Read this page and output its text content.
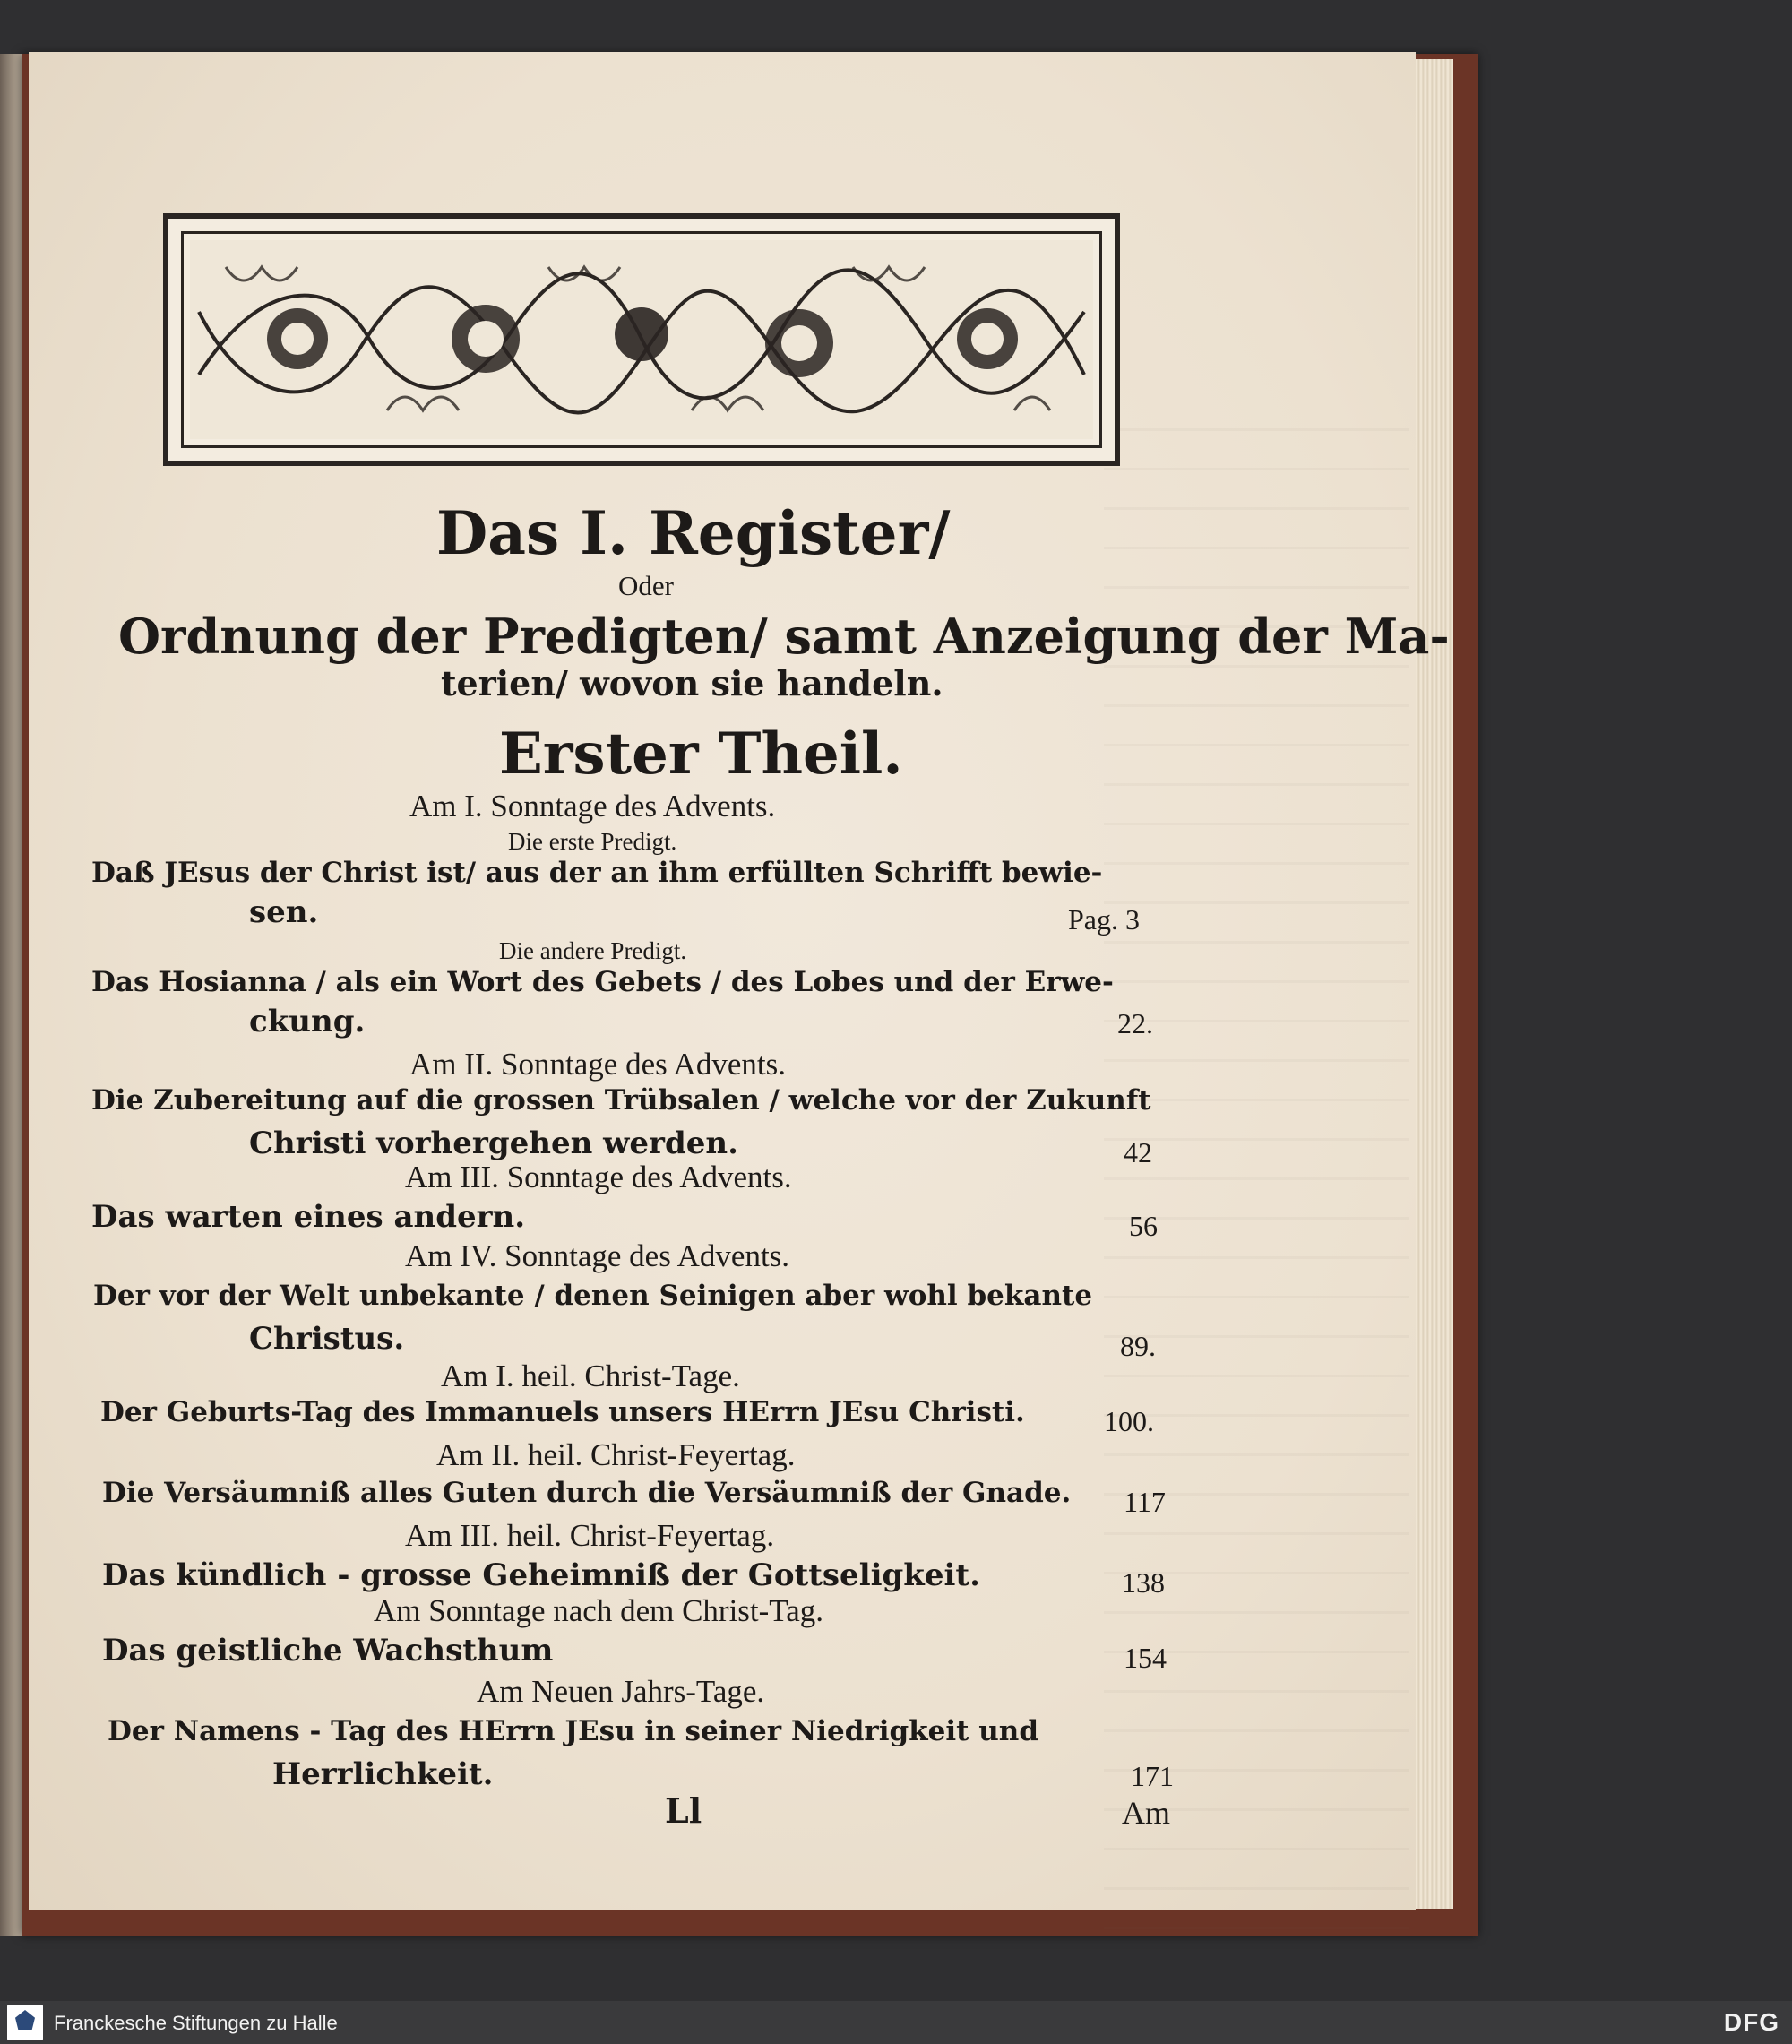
Das I. Register/
Oder
Ordnung der Predigten/ samt Anzeigung der Ma-
terien/ wovon sie handeln.
Erster Theil.
Am I. Sonntage des Advents.
Die erste Predigt.
Daß JEsus der Christ ist/ aus der an ihm erfüllten Schrifft bewie-
sen.	Pag. 3
Die andere Predigt.
Das Hosianna / als ein Wort des Gebets / des Lobes und der Erwe-
ckung.	22.
Am II. Sonntage des Advents.
Die Zubereitung auf die grossen Trübsalen / welche vor der Zukunft
Christi vorhergehen werden.	42
Am III. Sonntage des Advents.
Das warten eines andern.	56
Am IV. Sonntage des Advents.
Der vor der Welt unbekante / denen Seinigen aber wohl bekante
Christus.	89.
Am I. heil. Christ-Tage.
Der Geburts-Tag des Immanuels unsers HErrn JEsu Christi.	100.
Am II. heil. Christ-Feyertag.
Die Versäumniß alles Guten durch die Versäumniß der Gnade. 117
Am III. heil. Christ-Feyertag.
Das kündlich - grosse Geheimniß der Gottseligkeit.	138
Am Sonntage nach dem Christ-Tag.
Das geistliche Wachsthum	154
Am Neuen Jahrs-Tage.
Der Namens - Tag des HErrn JEsu in seiner Niedrigkeit und
Herrlichkeit.	171
Ll	Am
Franckesche Stiftungen zu Halle	DFG
